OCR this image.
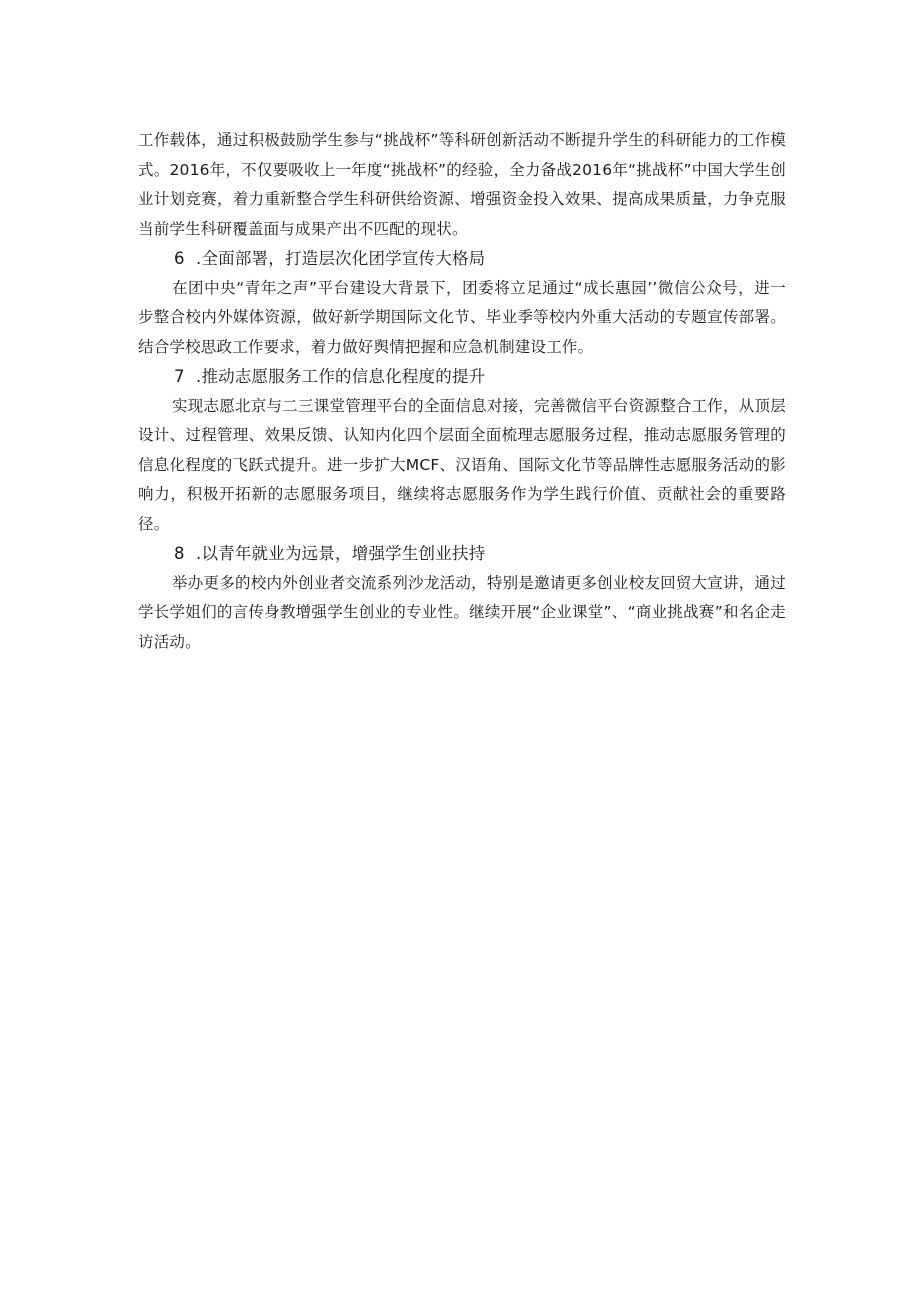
工作载体，通过积极鼓励学生参与“挑战杯”等科研创新活动不断提升学生的科研能力的工作模式。2016年，不仅要吸收上一年度“挑战杯”的经验，全力备战2016年“挑战杯”中国大学生创业计划竞赛，着力重新整合学生科研供给资源、增强资金投入效果、提高成果质量，力争克服当前学生科研覆盖面与成果产出不匹配的现状。

6 .全面部署，打造层次化团学宣传大格局

在团中央“青年之声”平台建设大背景下，团委将立足通过“成长惠园’’微信公众号，进一步整合校内外媒体资源，做好新学期国际文化节、毕业季等校内外重大活动的专题宣传部署。结合学校思政工作要求，着力做好舆情把握和应急机制建设工作。

7 .推动志愿服务工作的信息化程度的提升

实现志愿北京与二三课堂管理平台的全面信息对接，完善微信平台资源整合工作，从顶层设计、过程管理、效果反馈、认知内化四个层面全面梳理志愿服务过程，推动志愿服务管理的信息化程度的飞跃式提升。进一步扩大MCF、汉语角、国际文化节等品牌性志愿服务活动的影响力，积极开拓新的志愿服务项目，继续将志愿服务作为学生践行价值、贡献社会的重要路径。

8 .以青年就业为远景，增强学生创业扶持

举办更多的校内外创业者交流系列沙龙活动，特别是邀请更多创业校友回贸大宣讲，通过学长学姐们的言传身教增强学生创业的专业性。继续开展“企业课堂”、“商业挑战赛”和名企走访活动。
